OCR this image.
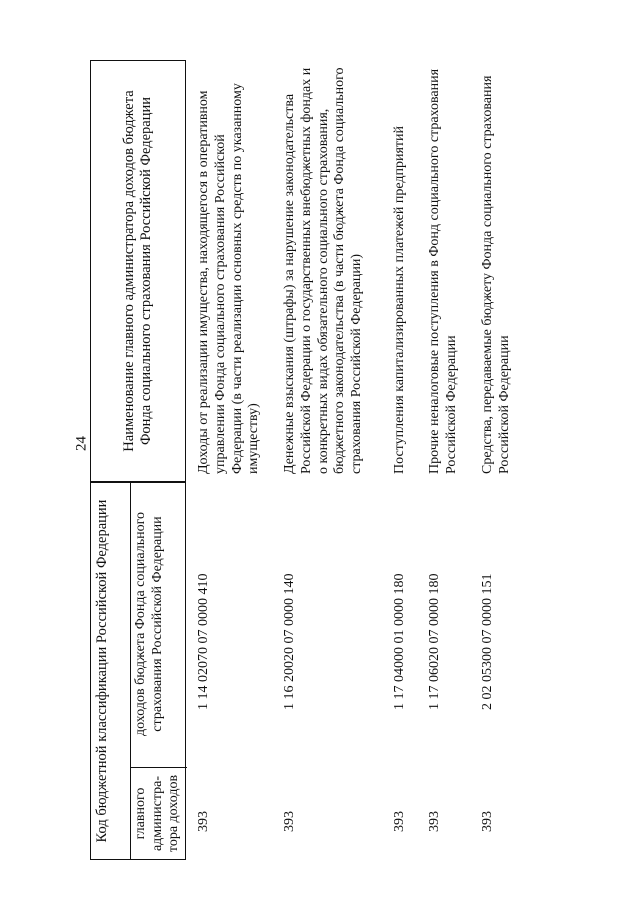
24
Код бюджетной классификации Российской Федерации	главного администра-тора доходов
доходов бюджета Фонда социального страхования Российской Федерации
Наименование главного администратора доходов бюджета Фонда социального страхования Российской Федерации
393
1 14 02070 07 0000 410
Доходы от реализации имущества, находящегося в оперативном управлении Фонда социального страхования Российской Федерации (в части реализации основных средств по указанному имуществу)
393
1 16 20020 07 0000 140
Денежные взыскания (штрафы) за нарушение законодательства Российской Федерации о государственных внебюджетных фондах и о конкретных видах обязательного социального страхования, бюджетного законодательства (в части бюджета Фонда социального страхования Российской Федерации)
393
1 17 04000 01 0000 180
Поступления капитализированных платежей предприятий
393
1 17 06020 07 0000 180
Прочие неналоговые поступления в Фонд социального страхования Российской Федерации
393
2 02 05300 07 0000 151
Средства, передаваемые бюджету Фонда социального страхования Российской Федерации
